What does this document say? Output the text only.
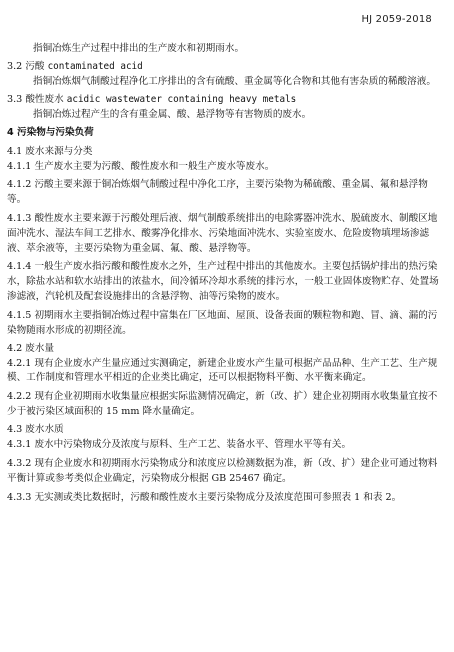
HJ 2059-2018

指铜冶炼生产过程中排出的生产废水和初期雨水。

3.2 污酸 contaminated acid

指铜冶炼烟气制酸过程净化工序排出的含有硫酸、重金属等化合物和其他有害杂质的稀酸溶液。

3.3 酸性废水 acidic wastewater containing heavy metals

指铜冶炼过程产生的含有重金属、酸、悬浮物等有害物质的废水。

4 污染物与污染负荷

4.1 废水来源与分类

4.1.1 生产废水主要为污酸、酸性废水和一般生产废水等废水。

4.1.2 污酸主要来源于铜冶炼烟气制酸过程中净化工序，主要污染物为稀硫酸、重金属、氟和悬浮物等。

4.1.3 酸性废水主要来源于污酸处理后液、烟气制酸系统排出的电除雾器冲洗水、脱硫废水、制酸区地面冲洗水、湿法车间工艺排水、酸雾净化排水、污染地面冲洗水、实验室废水、危险废物填埋场渗滤液、萃余液等，主要污染物为重金属、氟、酸、悬浮物等。

4.1.4 一般生产废水指污酸和酸性废水之外，生产过程中排出的其他废水。主要包括锅炉排出的热污染水，除盐水站和软水站排出的浓盐水，间冷循环冷却水系统的排污水，一般工业固体废物贮存、处置场渗滤液，汽轮机及配套设施排出的含悬浮物、油等污染物的废水。

4.1.5 初期雨水主要指铜冶炼过程中富集在厂区地面、屋顶、设备表面的颗粒物和跑、冒、滴、漏的污染物随雨水形成的初期径流。

4.2 废水量

4.2.1 现有企业废水产生量应通过实测确定，新建企业废水产生量可根据产品品种、生产工艺、生产规模、工作制度和管理水平相近的企业类比确定，还可以根据物料平衡、水平衡来确定。

4.2.2 现有企业初期雨水收集量应根据实际监测情况确定，新（改、扩）建企业初期雨水收集量宜按不少于被污染区域面积的 15 mm 降水量确定。

4.3 废水水质

4.3.1 废水中污染物成分及浓度与原料、生产工艺、装备水平、管理水平等有关。

4.3.2 现有企业废水和初期雨水污染物成分和浓度应以检测数据为准，新（改、扩）建企业可通过物料平衡计算或参考类似企业确定，污染物成分根据 GB 25467 确定。

4.3.3 无实测或类比数据时，污酸和酸性废水主要污染物成分及浓度范围可参照表 1 和表 2。
